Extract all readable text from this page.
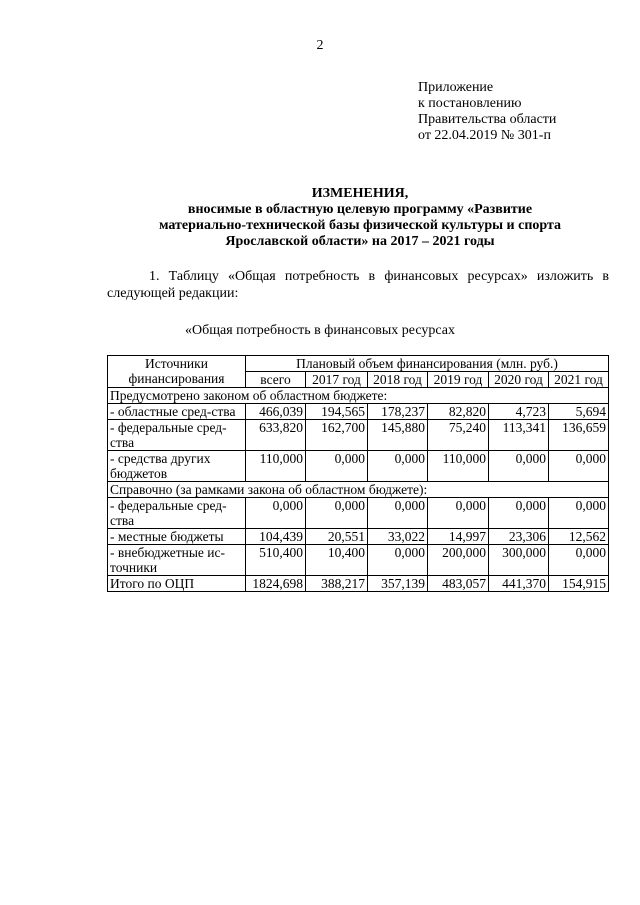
2
Приложение
к постановлению
Правительства области
от 22.04.2019 № 301-п
ИЗМЕНЕНИЯ,
вносимые в областную целевую программу «Развитие
материально-технической базы физической культуры и спорта
Ярославской области» на 2017 – 2021 годы
1. Таблицу «Общая потребность в финансовых ресурсах» изложить в следующей редакции:
«Общая потребность в финансовых ресурсах
Источники финансирования	Плановый объем финансирования (млн. руб.)					
	всего	2017 год	2018 год	2019 год	2020 год	2021 год
Предусмотрено законом об областном бюджете:						
- областные сред-ства	466,039	194,565	178,237	82,820	4,723	5,694
- федеральные сред-ства	633,820	162,700	145,880	75,240	113,341	136,659
- средства других бюджетов	110,000	0,000	0,000	110,000	0,000	0,000
Справочно (за рамками закона об областном бюджете):						
- федеральные сред-ства	0,000	0,000	0,000	0,000	0,000	0,000
- местные бюджеты	104,439	20,551	33,022	14,997	23,306	12,562
- внебюджетные ис-точники	510,400	10,400	0,000	200,000	300,000	0,000
Итого по ОЦП	1824,698	388,217	357,139	483,057	441,370	154,915
